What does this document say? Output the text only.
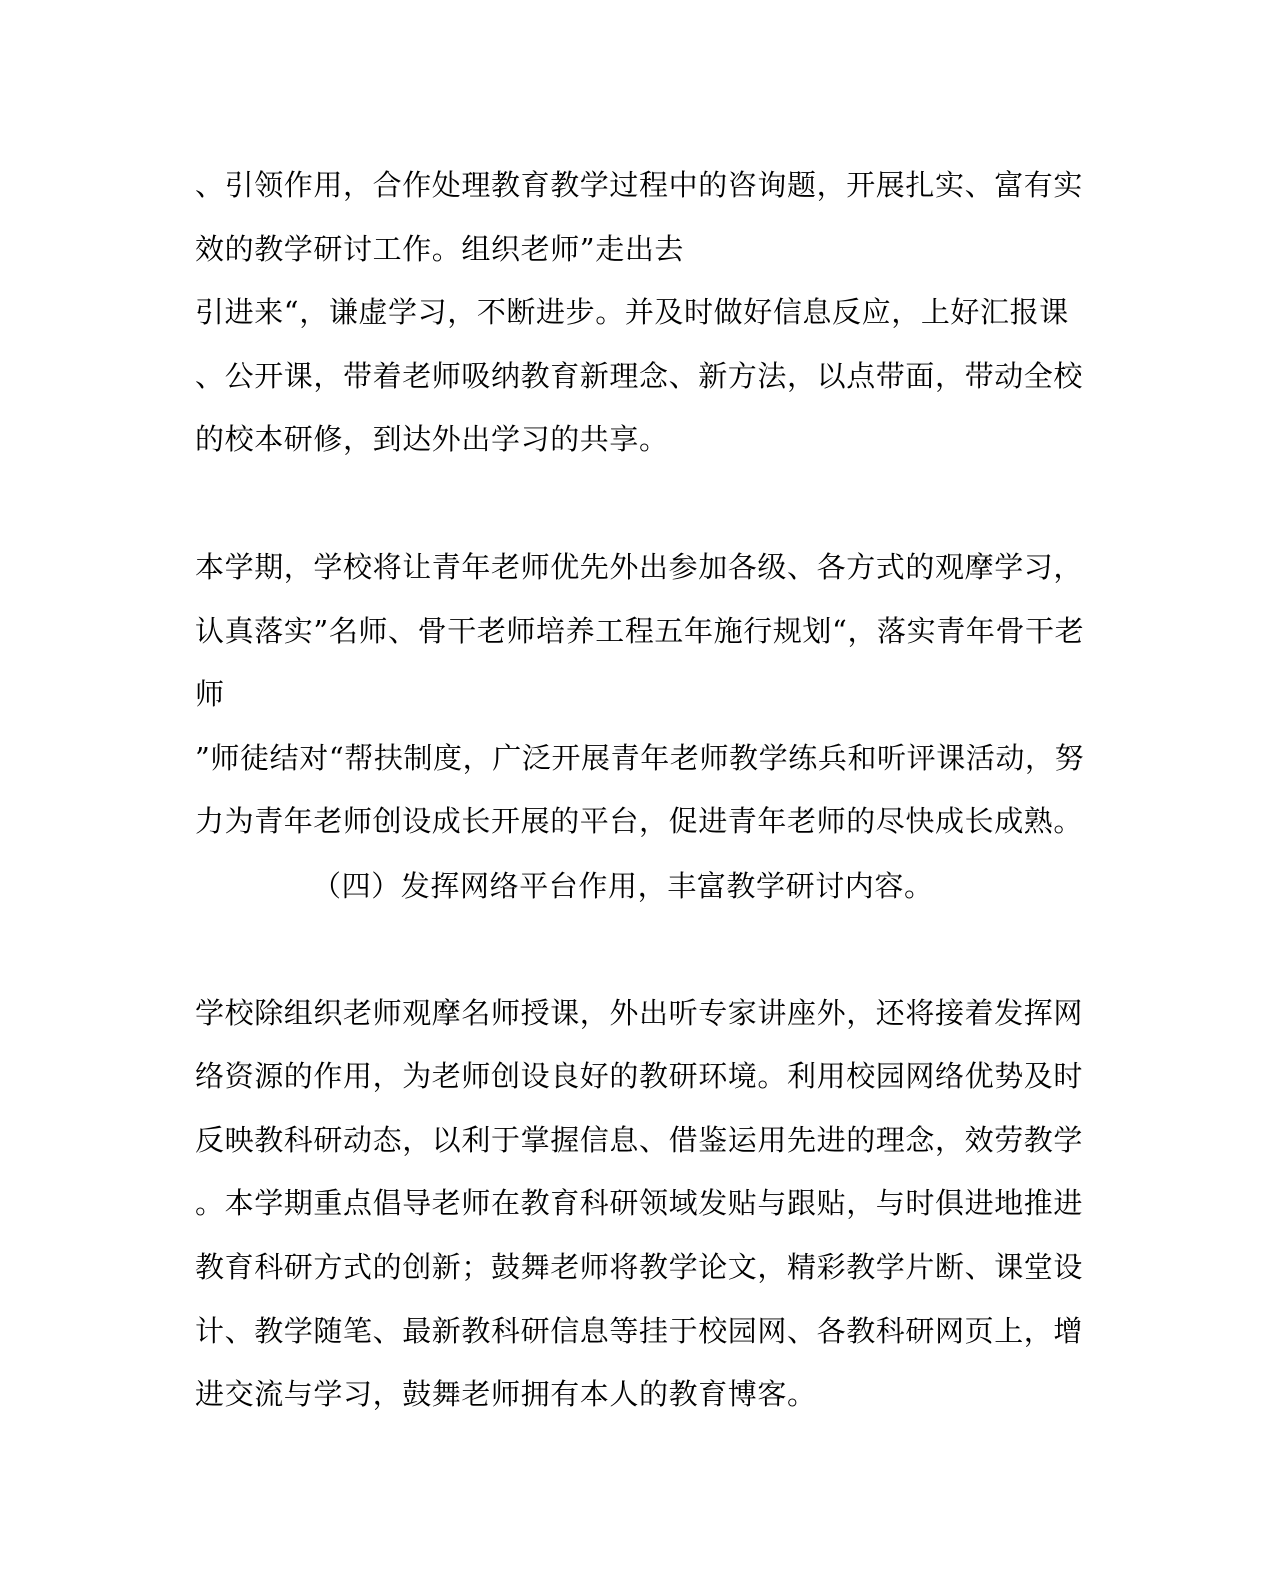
、引领作用，合作处理教育教学过程中的咨询题，开展扎实、富有实
效的教学研讨工作。组织老师”走出去
引进来“，谦虚学习，不断进步。并及时做好信息反应，上好汇报课
、公开课，带着老师吸纳教育新理念、新方法，以点带面，带动全校
的校本研修，到达外出学习的共享。
本学期，学校将让青年老师优先外出参加各级、各方式的观摩学习，
认真落实”名师、骨干老师培养工程五年施行规划“，落实青年骨干老
师
”师徒结对“帮扶制度，广泛开展青年老师教学练兵和听评课活动，努
力为青年老师创设成长开展的平台，促进青年老师的尽快成长成熟。
（四）发挥网络平台作用，丰富教学研讨内容。
学校除组织老师观摩名师授课，外出听专家讲座外，还将接着发挥网
络资源的作用，为老师创设良好的教研环境。利用校园网络优势及时
反映教科研动态，以利于掌握信息、借鉴运用先进的理念，效劳教学
。本学期重点倡导老师在教育科研领域发贴与跟贴，与时俱进地推进
教育科研方式的创新；鼓舞老师将教学论文，精彩教学片断、课堂设
计、教学随笔、最新教科研信息等挂于校园网、各教科研网页上，增
进交流与学习，鼓舞老师拥有本人的教育博客。
